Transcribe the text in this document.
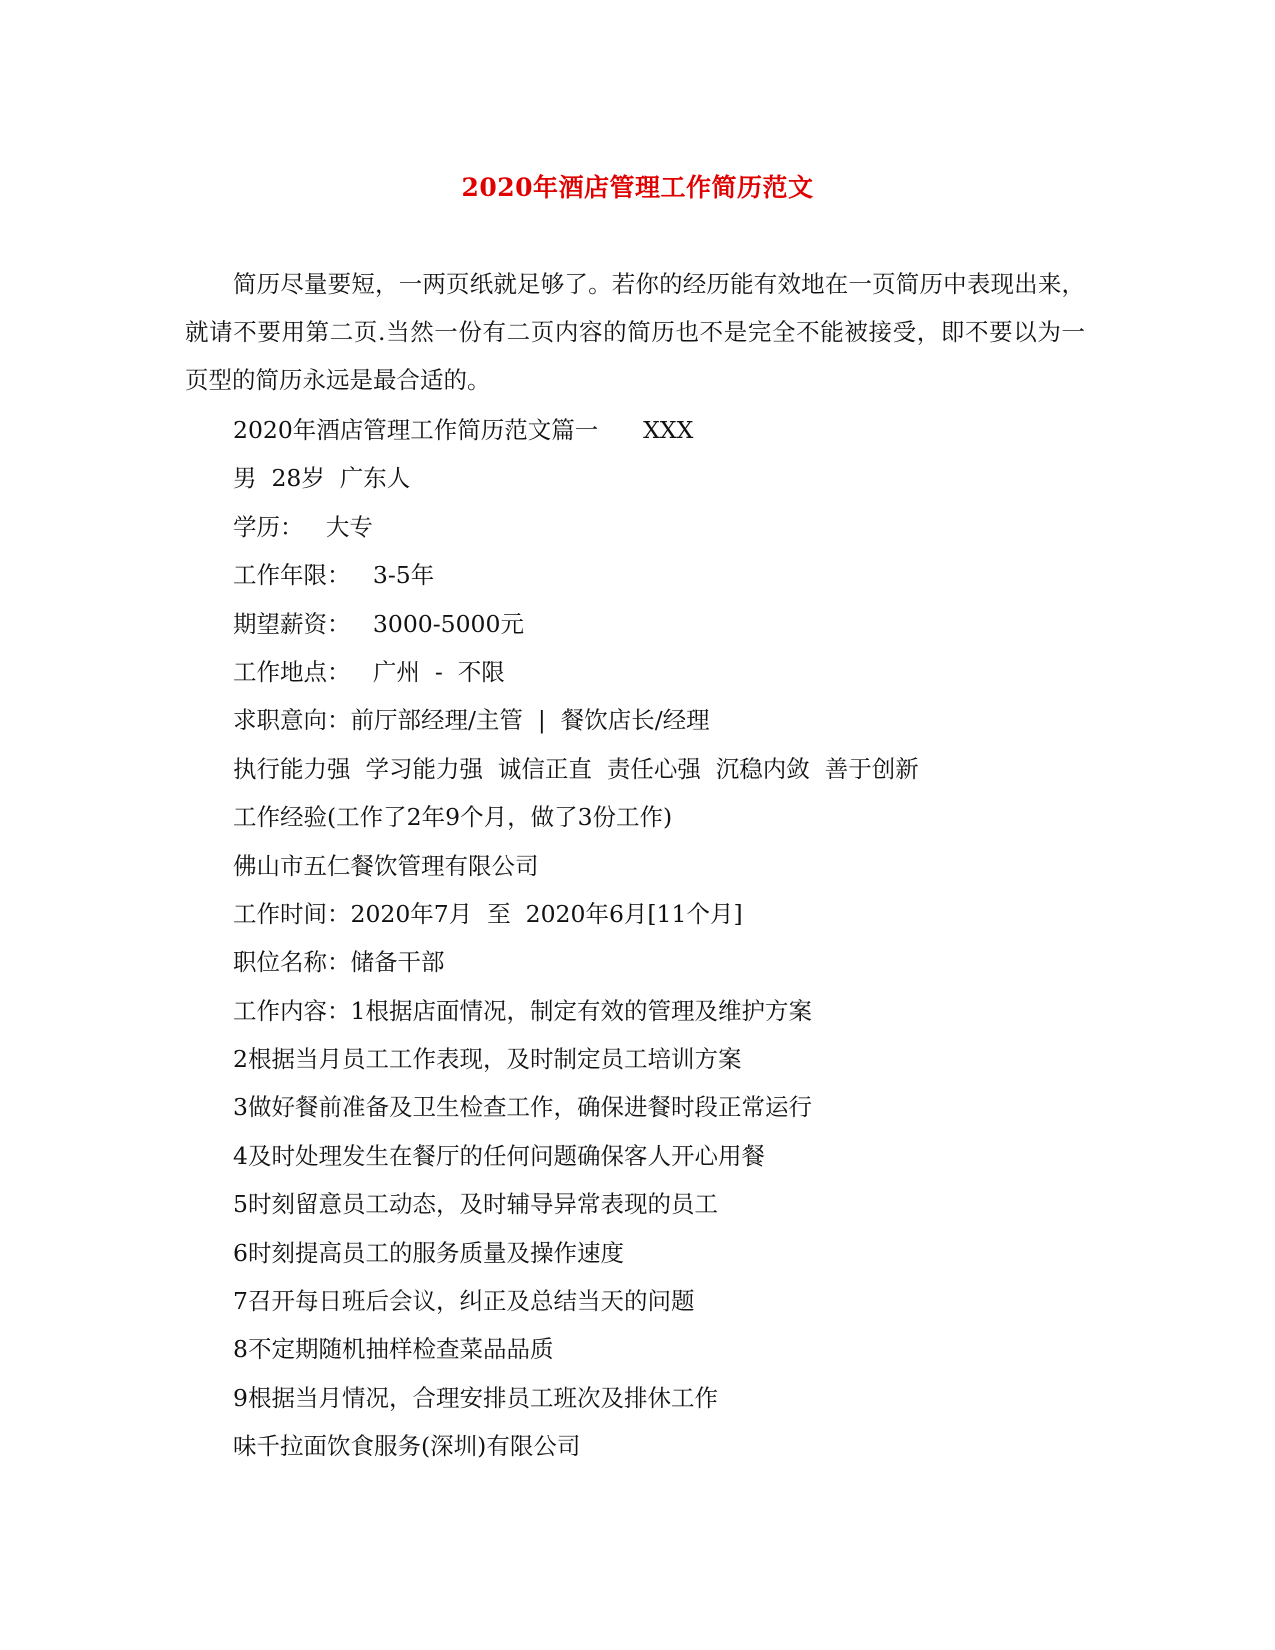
2020年酒店管理工作简历范文

简历尽量要短，一两页纸就足够了。若你的经历能有效地在一页简历中表现出来，就请不要用第二页.当然一份有二页内容的简历也不是完全不能被接受，即不要以为一页型的简历永远是最合适的。

2020年酒店管理工作简历范文篇一      XXX
男  28岁  广东人
学历：   大专
工作年限：   3-5年
期望薪资：   3000-5000元
工作地点：   广州  -  不限
求职意向：前厅部经理/主管  |  餐饮店长/经理
执行能力强  学习能力强  诚信正直  责任心强  沉稳内敛  善于创新
工作经验(工作了2年9个月，做了3份工作)
佛山市五仁餐饮管理有限公司
工作时间：2020年7月  至  2020年6月[11个月]
职位名称：储备干部
工作内容：1根据店面情况，制定有效的管理及维护方案
2根据当月员工工作表现，及时制定员工培训方案
3做好餐前准备及卫生检查工作，确保进餐时段正常运行
4及时处理发生在餐厅的任何问题确保客人开心用餐
5时刻留意员工动态，及时辅导异常表现的员工
6时刻提高员工的服务质量及操作速度
7召开每日班后会议，纠正及总结当天的问题
8不定期随机抽样检查菜品品质
9根据当月情况，合理安排员工班次及排休工作
味千拉面饮食服务(深圳)有限公司
